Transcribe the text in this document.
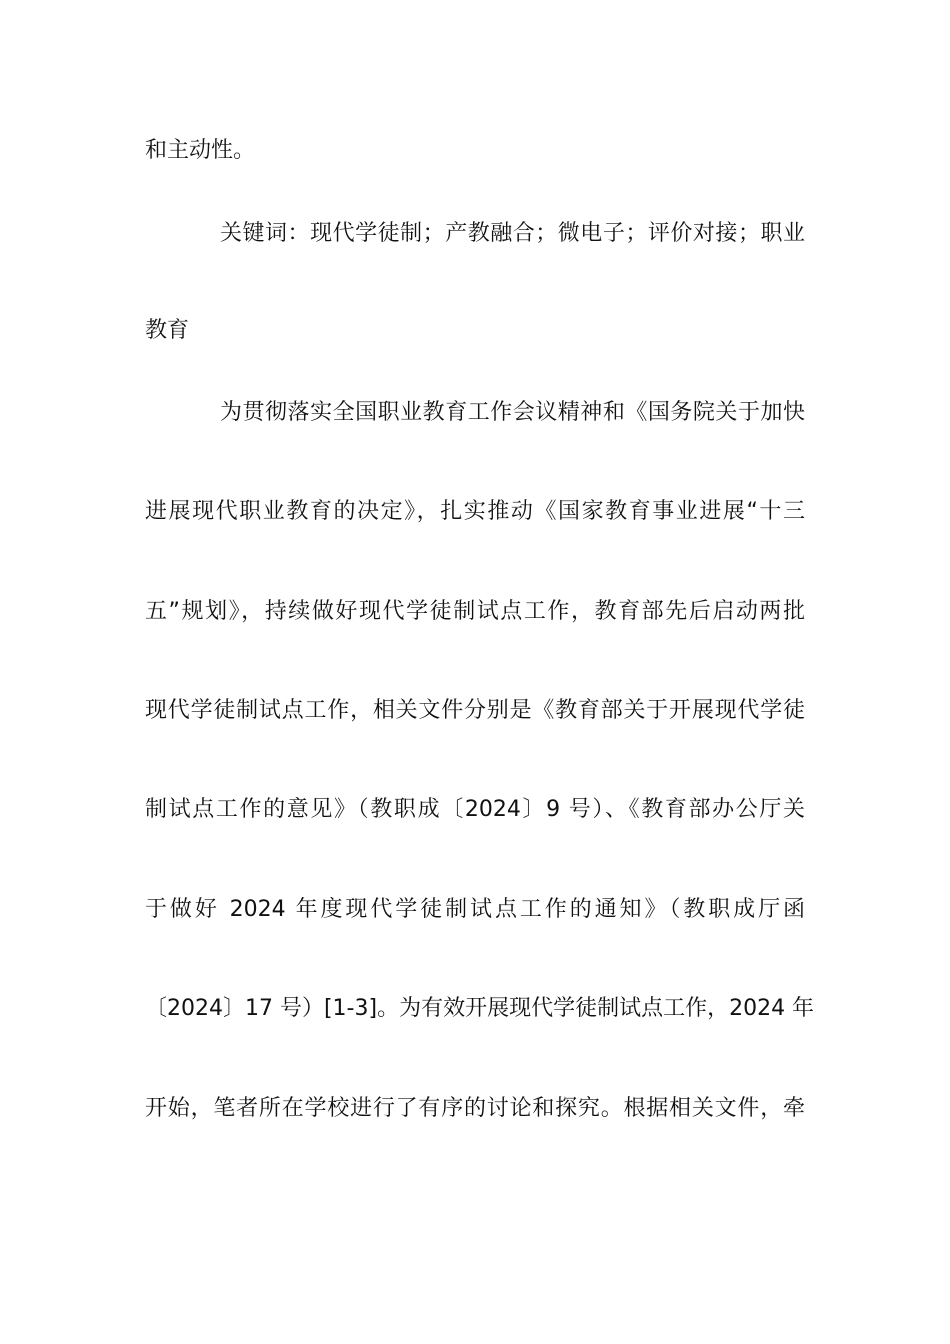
和主动性。
关键词：现代学徒制；产教融合；微电子；评价对接；职业
教育
为贯彻落实全国职业教育工作会议精神和《国务院关于加快
进展现代职业教育的决定》，扎实推动《国家教育事业进展“十三
五”规划》，持续做好现代学徒制试点工作，教育部先后启动两批
现代学徒制试点工作，相关文件分别是《教育部关于开展现代学徒
制试点工作的意见》（教职成〔2024〕9 号）、《教育部办公厅关
于做好 2024 年度现代学徒制试点工作的通知》（教职成厅函
〔2024〕17 号）[1-3]。为有效开展现代学徒制试点工作，2024 年
开始，笔者所在学校进行了有序的讨论和探究。根据相关文件，牵
